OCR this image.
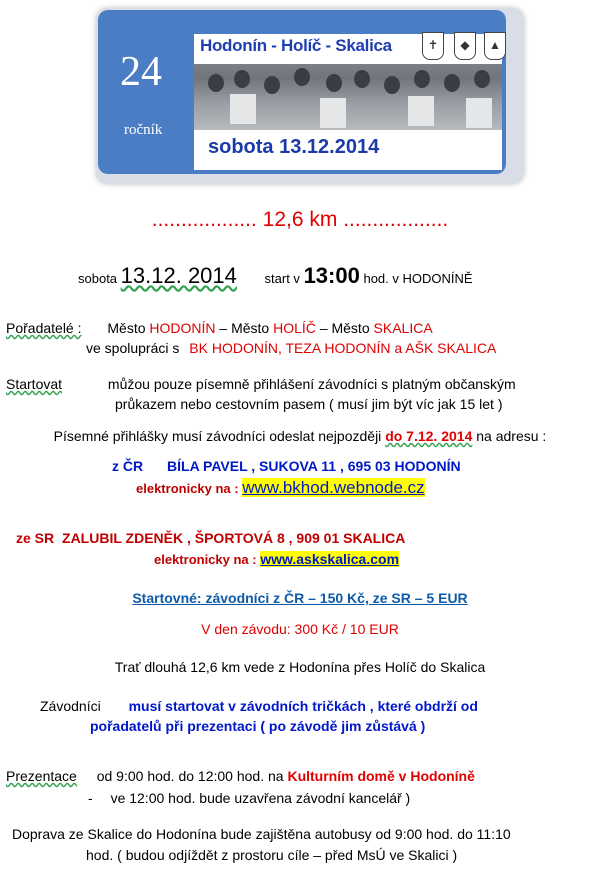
24
ročník
Hodonín - Holíč - Skalica	✝	◆	▲
sobota 13.12.2014
.................. 12,6 km ..................
sobota 13.12. 2014 start v 13:00 hod. v HODONÍNĚ
Pořadatelé : Město HODONÍN – Město HOLÍČ – Město SKALICA
ve spolupráci s BK HODONÍN, TEZA HODONÍN a AŠK SKALICA
Startovat	můžou pouze písemně přihlášení závodníci s platným občanským
průkazem nebo cestovním pasem ( musí jim být víc jak 15 let )
Písemné přihlášky musí závodníci odeslat nejpozději do 7.12. 2014 na adresu :
z ČR BÍLA PAVEL , SUKOVA 11 , 695 03 HODONÍN
elektronicky na : www.bkhod.webnode.cz
ze SR ZALUBIL ZDENĚK , ŠPORTOVÁ 8 , 909 01 SKALICA
elektronicky na : www.askskalica.com
Startovné: závodníci z ČR – 150 Kč, ze SR – 5 EUR
V den závodu: 300 Kč / 10 EUR
Trať dlouhá 12,6 km vede z Hodonína přes Holíč do Skalica
Závodníci musí startovat v závodních tričkách , které obdrží od
pořadatelů při prezentaci ( po závodě jim zůstává )
Prezentace od 9:00 hod. do 12:00 hod. na Kulturním domě v Hodoníně
- ve 12:00 hod. bude uzavřena závodní kancelář )
Doprava ze Skalice do Hodonína bude zajištěna autobusy od 9:00 hod. do 11:10
hod. ( budou odjíždět z prostoru cíle – před MsÚ ve Skalici )
